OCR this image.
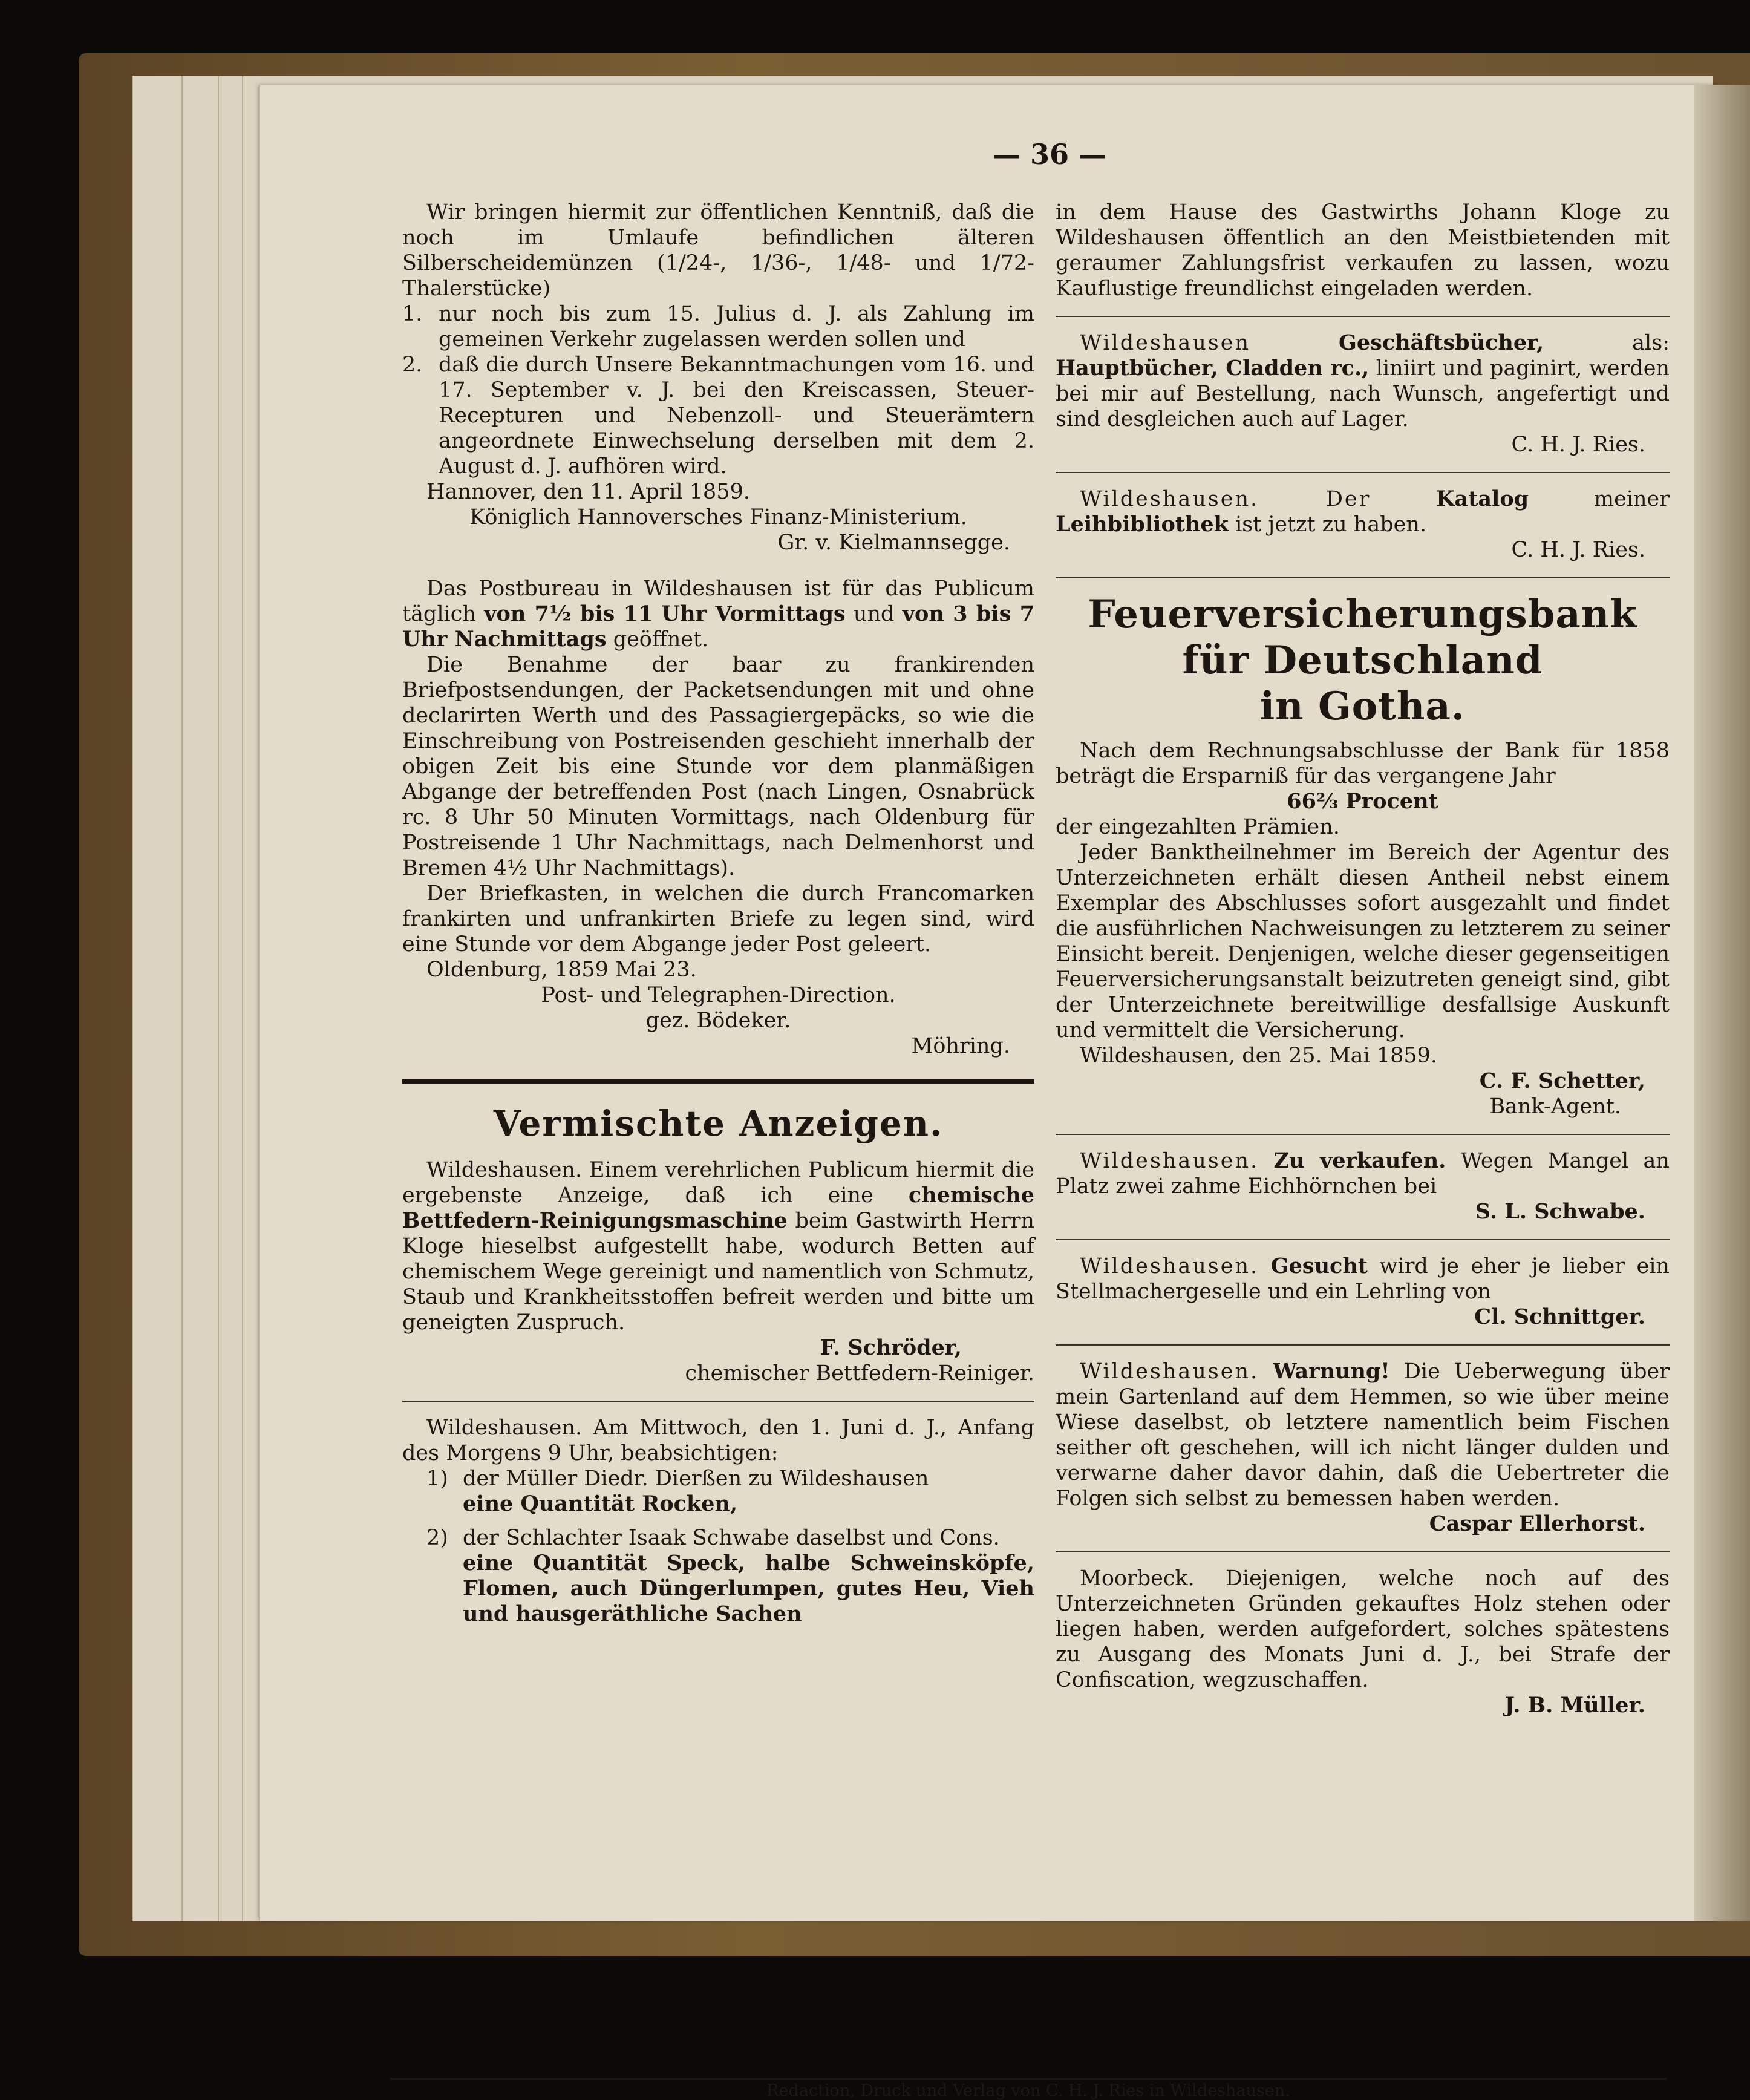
— 36 —

Wir bringen hiermit zur öffentlichen Kenntniß, daß die noch im Umlaufe befindlichen älteren Silberscheidemünzen (1/24-, 1/36-, 1/48- und 1/72-Thalerstücke)

1. nur noch bis zum 15. Julius d. J. als Zahlung im gemeinen Verkehr zugelassen werden sollen und
2. daß die durch Unsere Bekanntmachungen vom 16. und 17. September v. J. bei den Kreiscassen, Steuer-Recepturen und Nebenzoll- und Steuerämtern angeordnete Einwechselung derselben mit dem 2. August d. J. aufhören wird.

Hannover, den 11. April 1859.

Königlich Hannoversches Finanz-Ministerium.

Gr. v. Kielmannsegge.

Das Postbureau in Wildeshausen ist für das Publicum täglich von 7½ bis 11 Uhr Vormittags und von 3 bis 7 Uhr Nachmittags geöffnet.

Die Benahme der baar zu frankirenden Briefpostsendungen, der Packetsendungen mit und ohne declarirten Werth und des Passagiergepäcks, so wie die Einschreibung von Postreisenden geschieht innerhalb der obigen Zeit bis eine Stunde vor dem planmäßigen Abgange der betreffenden Post (nach Lingen, Osnabrück rc. 8 Uhr 50 Minuten Vormittags, nach Oldenburg für Postreisende 1 Uhr Nachmittags, nach Delmenhorst und Bremen 4½ Uhr Nachmittags).

Der Briefkasten, in welchen die durch Francomarken frankirten und unfrankirten Briefe zu legen sind, wird eine Stunde vor dem Abgange jeder Post geleert.

Oldenburg, 1859 Mai 23.

Post- und Telegraphen-Direction.

gez. Bödeker.

Möhring.

Vermischte Anzeigen.

Wildeshausen. Einem verehrlichen Publicum hiermit die ergebenste Anzeige, daß ich eine chemische Bettfedern-Reinigungsmaschine beim Gastwirth Herrn Kloge hieselbst aufgestellt habe, wodurch Betten auf chemischem Wege gereinigt und namentlich von Schmutz, Staub und Krankheitsstoffen befreit werden und bitte um geneigten Zuspruch.

F. Schröder,

chemischer Bettfedern-Reiniger.

Wildeshausen. Am Mittwoch, den 1. Juni d. J., Anfang des Morgens 9 Uhr, beabsichtigen:

1) der Müller Diedr. Dierßen zu Wildeshausen
eine Quantität Rocken,
2) der Schlachter Isaak Schwabe daselbst und Cons.
eine Quantität Speck, halbe Schweinsköpfe, Flomen, auch Düngerlumpen, gutes Heu, Vieh und hausgeräthliche Sachen

in dem Hause des Gastwirths Johann Kloge zu Wildeshausen öffentlich an den Meistbietenden mit geraumer Zahlungsfrist verkaufen zu lassen, wozu Kauflustige freundlichst eingeladen werden.

Wildeshausen	Geschäftsbücher,	als: Hauptbücher, Cladden rc., liniirt und paginirt, werden bei mir auf Bestellung, nach Wunsch, angefertigt und sind desgleichen auch auf Lager.

C. H. J. Ries.

Wildeshausen. Der	Katalog	meiner Leihbibliothek ist jetzt zu haben.

C. H. J. Ries.

Feuerversicherungsbank für Deutschland

in Gotha.

Nach dem Rechnungsabschlusse der Bank für 1858 beträgt die Ersparniß für das vergangene Jahr

66⅔ Procent

der eingezahlten Prämien.

Jeder Banktheilnehmer im Bereich der Agentur des Unterzeichneten erhält diesen Antheil nebst einem Exemplar des Abschlusses sofort ausgezahlt und findet die ausführlichen Nachweisungen zu letzterem zu seiner Einsicht bereit. Denjenigen, welche dieser gegenseitigen Feuerversicherungsanstalt beizutreten geneigt sind, gibt der Unterzeichnete bereitwillige desfallsige Auskunft und vermittelt die Versicherung.

Wildeshausen, den 25. Mai 1859.

C. F. Schetter,

Bank-Agent.

Wildeshausen. Zu verkaufen. Wegen Mangel an Platz zwei zahme Eichhörnchen bei

S. L. Schwabe.

Wildeshausen. Gesucht wird je eher je lieber ein Stellmachergeselle und ein Lehrling von

Cl. Schnittger.

Wildeshausen. Warnung! Die Ueberwegung über mein Gartenland auf dem Hemmen, so wie über meine Wiese daselbst, ob letztere namentlich beim Fischen seither oft geschehen, will ich nicht länger dulden und verwarne daher davor dahin, daß die Uebertreter die Folgen sich selbst zu bemessen haben werden.

Caspar Ellerhorst.

Moorbeck. Diejenigen, welche noch auf des Unterzeichneten Gründen gekauftes Holz stehen oder liegen haben, werden aufgefordert, solches spätestens zu Ausgang des Monats Juni d. J., bei Strafe der Confiscation, wegzuschaffen.

J. B. Müller.

Redaction, Druck und Verlag von C. H. J. Ries in Wildeshausen.
